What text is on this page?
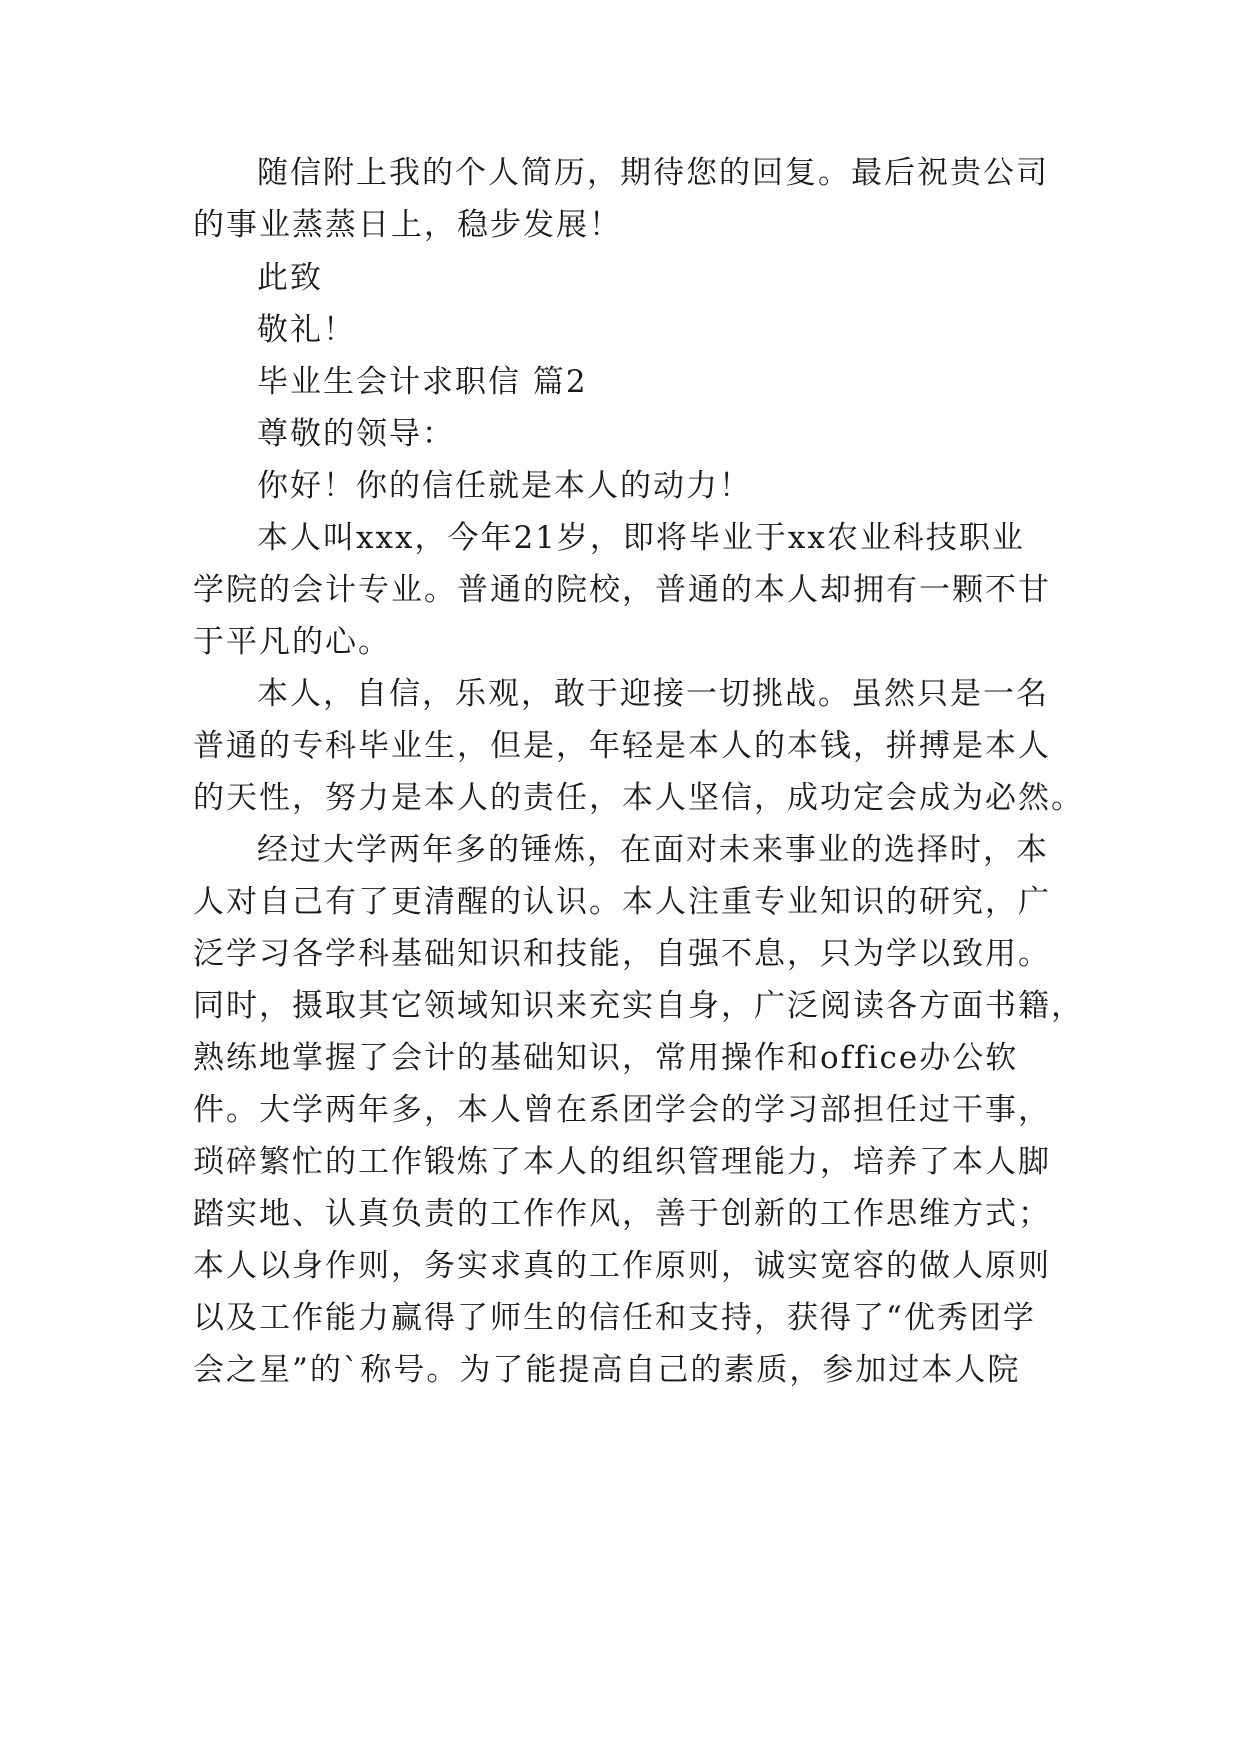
随信附上我的个人简历，期待您的回复。最后祝贵公司
的事业蒸蒸日上，稳步发展！
此致
敬礼！
毕业生会计求职信 篇2
尊敬的领导：
你好！你的信任就是本人的动力！
本人叫xxx，今年21岁，即将毕业于xx农业科技职业
学院的会计专业。普通的院校，普通的本人却拥有一颗不甘
于平凡的心。
本人，自信，乐观，敢于迎接一切挑战。虽然只是一名
普通的专科毕业生，但是，年轻是本人的本钱，拼搏是本人
的天性，努力是本人的责任，本人坚信，成功定会成为必然。
经过大学两年多的锤炼，在面对未来事业的选择时，本
人对自己有了更清醒的认识。本人注重专业知识的研究，广
泛学习各学科基础知识和技能，自强不息，只为学以致用。
同时，摄取其它领域知识来充实自身，广泛阅读各方面书籍，
熟练地掌握了会计的基础知识，常用操作和office办公软
件。大学两年多，本人曾在系团学会的学习部担任过干事，
琐碎繁忙的工作锻炼了本人的组织管理能力，培养了本人脚
踏实地、认真负责的工作作风，善于创新的工作思维方式；
本人以身作则，务实求真的工作原则，诚实宽容的做人原则
以及工作能力赢得了师生的信任和支持，获得了“优秀团学
会之星”的`称号。为了能提高自己的素质，参加过本人院
